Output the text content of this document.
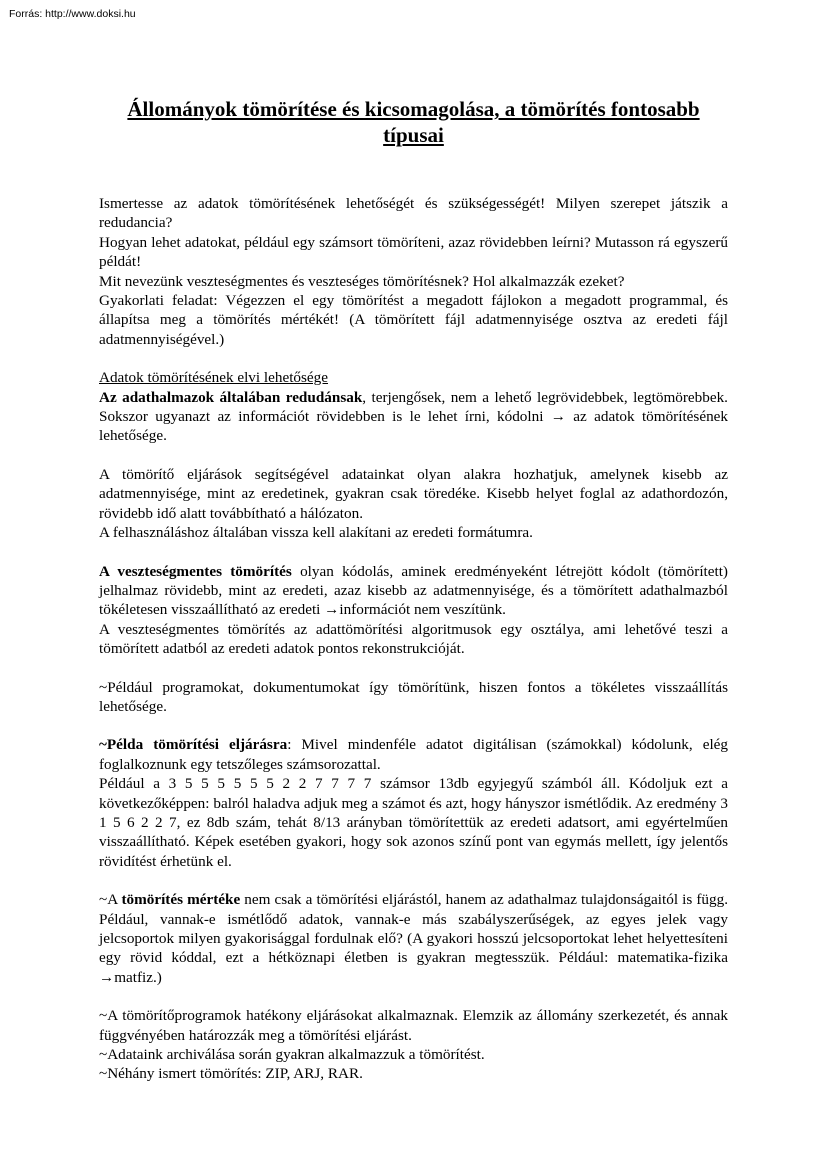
Forrás: http://www.doksi.hu
Állományok tömörítése és kicsomagolása, a tömörítés fontosabb típusai

Ismertesse az adatok tömörítésének lehetőségét és szükségességét! Milyen szerepet játszik a redudancia?

Hogyan lehet adatokat, például egy számsort tömöríteni, azaz rövidebben leírni? Mutasson rá egyszerű példát!

Mit nevezünk veszteségmentes és veszteséges tömörítésnek? Hol alkalmazzák ezeket?

Gyakorlati feladat: Végezzen el egy tömörítést a megadott fájlokon a megadott programmal, és állapítsa meg a tömörítés mértékét! (A tömörített fájl adatmennyisége osztva az eredeti fájl adatmennyiségével.)

Adatok tömörítésének elvi lehetősége

Az adathalmazok általában redudánsak, terjengősek, nem a lehető legrövidebbek, legtömörebbek. Sokszor ugyanazt az információt rövidebben is le lehet írni, kódolni → az adatok tömörítésének lehetősége.

A tömörítő eljárások segítségével adatainkat olyan alakra hozhatjuk, amelynek kisebb az adatmennyisége, mint az eredetinek, gyakran csak töredéke. Kisebb helyet foglal az adathordozón, rövidebb idő alatt továbbítható a hálózaton.

A felhasználáshoz általában vissza kell alakítani az eredeti formátumra.

A veszteségmentes tömörítés olyan kódolás, aminek eredményeként létrejött kódolt (tömörített) jelhalmaz rövidebb, mint az eredeti, azaz kisebb az adatmennyisége, és a tömörített adathalmazból tökéletesen visszaállítható az eredeti →információt nem veszítünk.

A veszteségmentes tömörítés az adattömörítési algoritmusok egy osztálya, ami lehetővé teszi a tömörített adatból az eredeti adatok pontos rekonstrukcióját.

~Például programokat, dokumentumokat így tömörítünk, hiszen fontos a tökéletes visszaállítás lehetősége.

~Példa tömörítési eljárásra: Mivel mindenféle adatot digitálisan (számokkal) kódolunk, elég foglalkoznunk egy tetszőleges számsorozattal.

Például a 3 5 5 5 5 5 5 2 2 7 7 7 7 számsor 13db egyjegyű számból áll. Kódoljuk ezt a következőképpen: balról haladva adjuk meg a számot és azt, hogy hányszor ismétlődik. Az eredmény 3 1 5 6 2 2 7, ez 8db szám, tehát 8/13 arányban tömörítettük az eredeti adatsort, ami egyértelműen visszaállítható. Képek esetében gyakori, hogy sok azonos színű pont van egymás mellett, így jelentős rövidítést érhetünk el.

~A tömörítés mértéke nem csak a tömörítési eljárástól, hanem az adathalmaz tulajdonságaitól is függ. Például, vannak-e ismétlődő adatok, vannak-e más szabályszerűségek, az egyes jelek vagy jelcsoportok milyen gyakorisággal fordulnak elő? (A gyakori hosszú jelcsoportokat lehet helyettesíteni egy rövid kóddal, ezt a hétköznapi életben is gyakran megtesszük. Például: matematika-fizika →matfiz.)

~A tömörítőprogramok hatékony eljárásokat alkalmaznak. Elemzik az állomány szerkezetét, és annak függvényében határozzák meg a tömörítési eljárást.

~Adataink archiválása során gyakran alkalmazzuk a tömörítést.

~Néhány ismert tömörítés: ZIP, ARJ, RAR.
